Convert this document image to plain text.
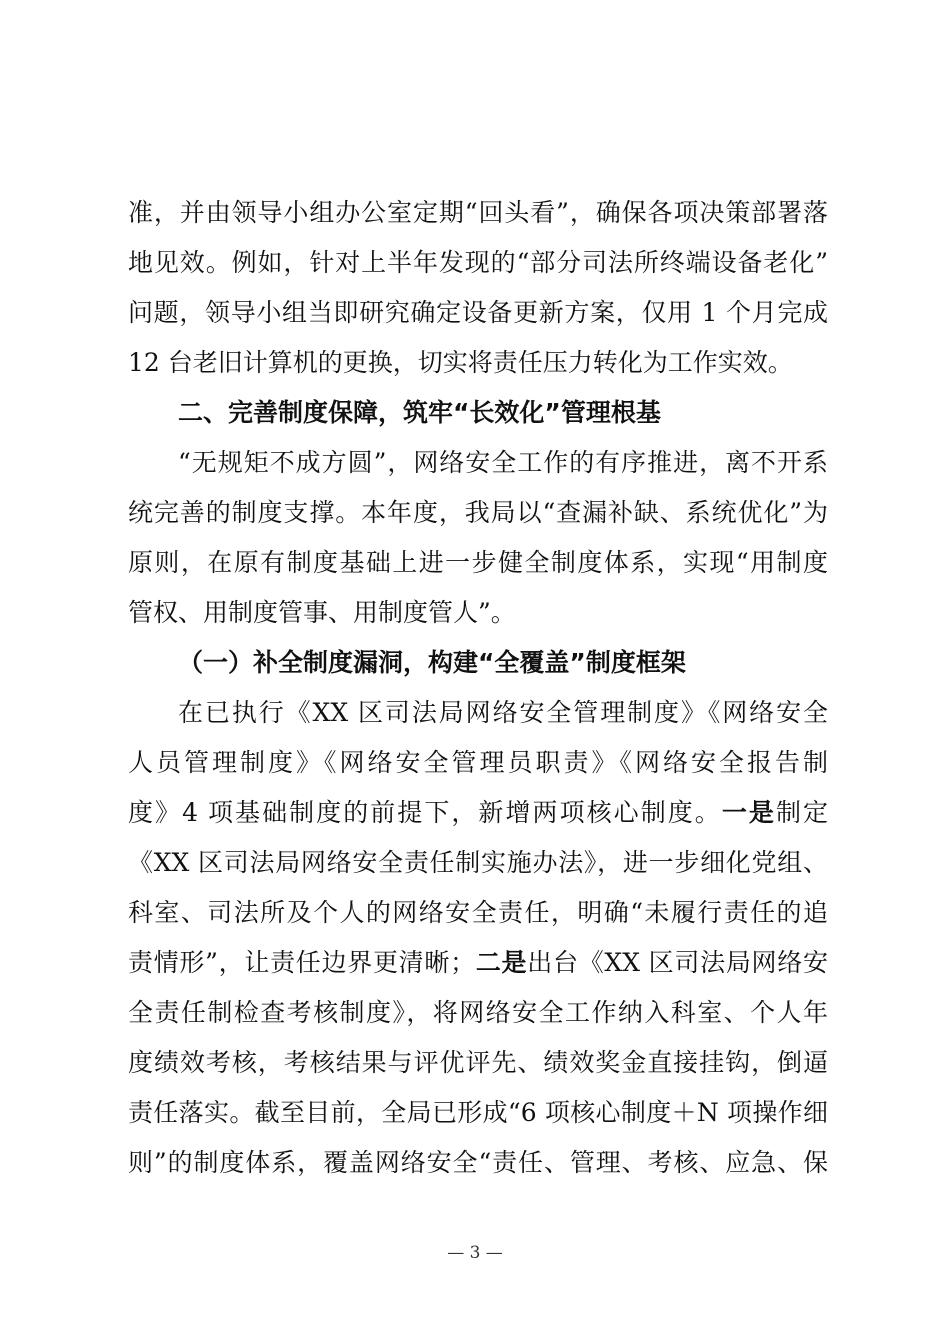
准，并由领导小组办公室定期“回头看”，确保各项决策部署落
地见效。例如，针对上半年发现的“部分司法所终端设备老化”
问题，领导小组当即研究确定设备更新方案，仅用 1 个月完成
12 台老旧计算机的更换，切实将责任压力转化为工作实效。
二、完善制度保障，筑牢“长效化”管理根基
“无规矩不成方圆”，网络安全工作的有序推进，离不开系
统完善的制度支撑。本年度，我局以“查漏补缺、系统优化”为
原则，在原有制度基础上进一步健全制度体系，实现“用制度
管权、用制度管事、用制度管人”。
（一）补全制度漏洞，构建“全覆盖”制度框架
在已执行《XX 区司法局网络安全管理制度》《网络安全
人员管理制度》《网络安全管理员职责》《网络安全报告制
度》4 项基础制度的前提下，新增两项核心制度。一是制定
《XX 区司法局网络安全责任制实施办法》，进一步细化党组、
科室、司法所及个人的网络安全责任，明确“未履行责任的追
责情形”，让责任边界更清晰；二是出台《XX 区司法局网络安
全责任制检查考核制度》，将网络安全工作纳入科室、个人年
度绩效考核，考核结果与评优评先、绩效奖金直接挂钩，倒逼
责任落实。截至目前，全局已形成“6 项核心制度＋N 项操作细
则”的制度体系，覆盖网络安全“责任、管理、考核、应急、保
— 3 —
